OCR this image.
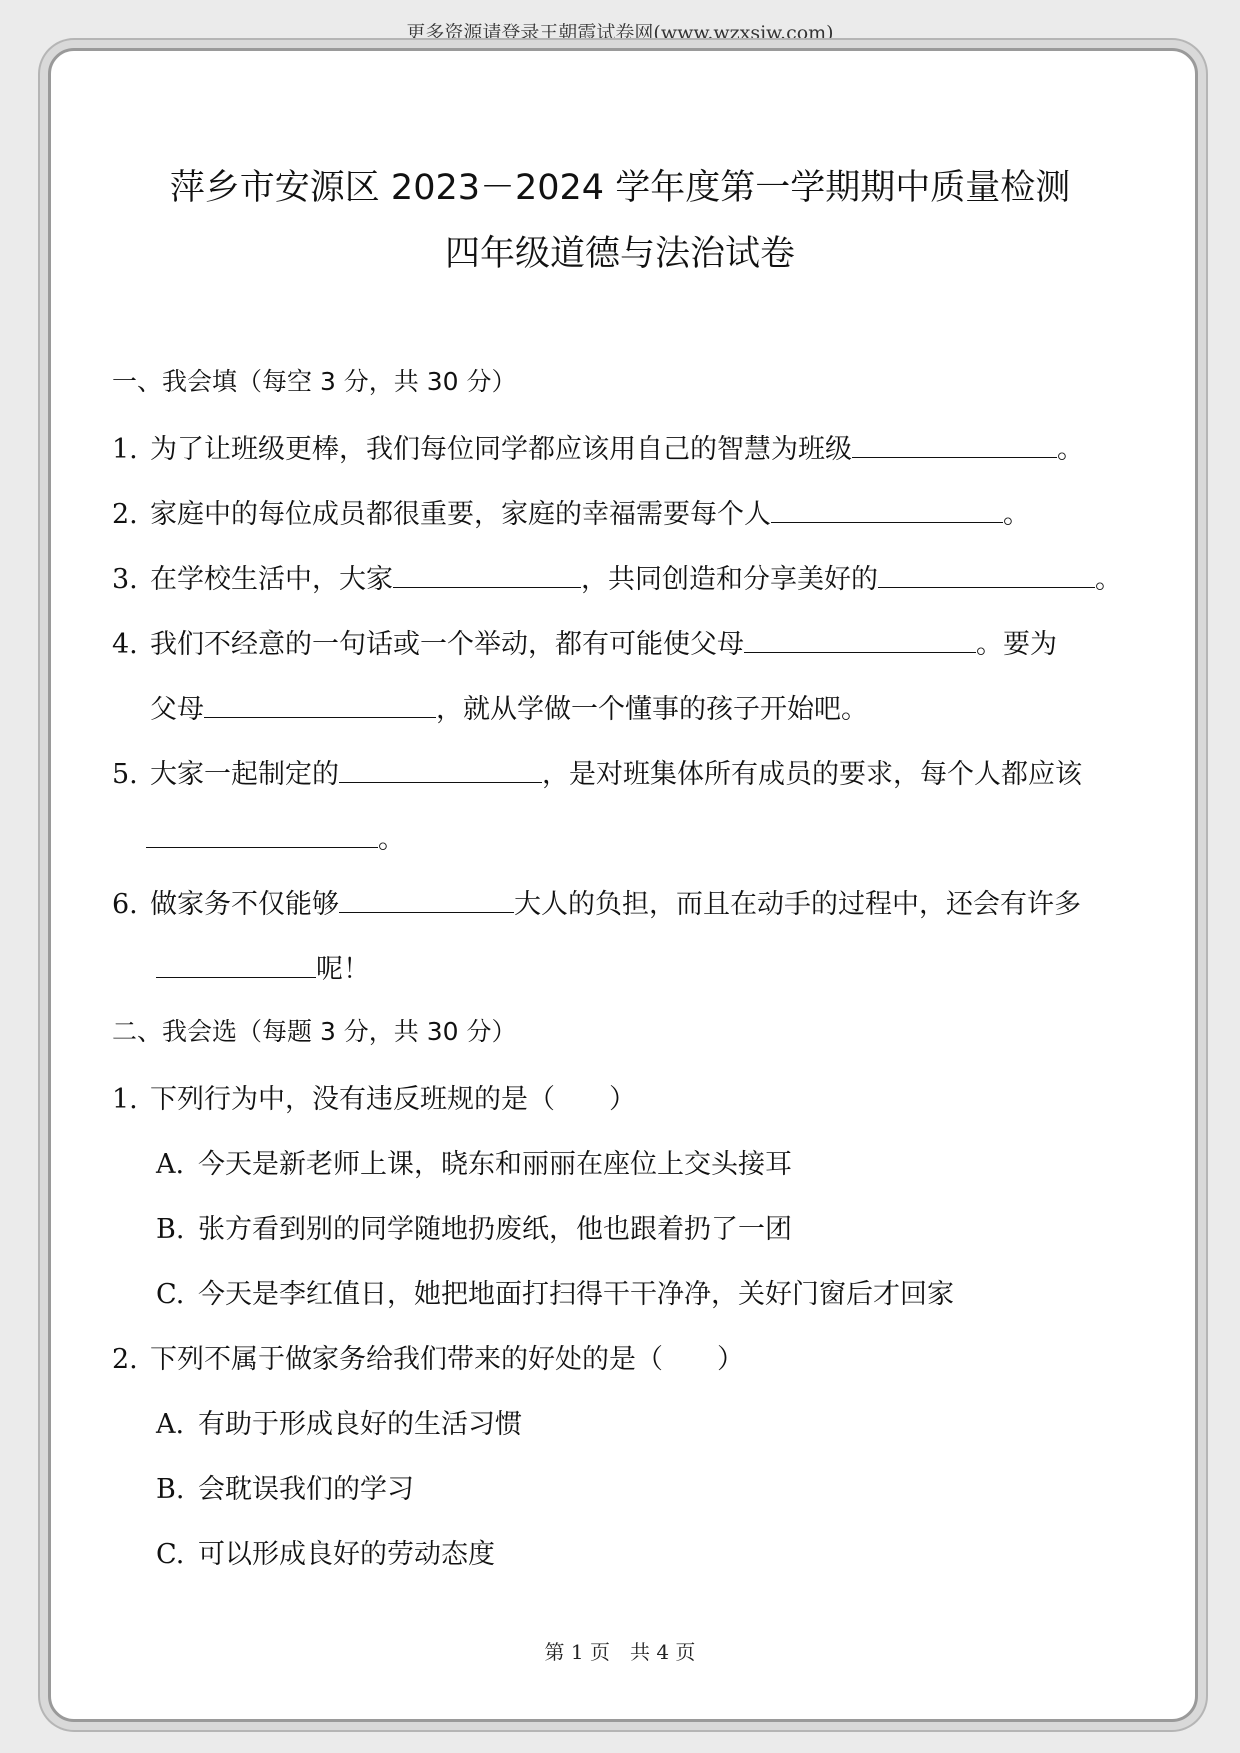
更多资源请登录王朝霞试卷网(www.wzxsjw.com)
萍乡市安源区 2023－2024 学年度第一学期期中质量检测
四年级道德与法治试卷
一、我会填（每空 3 分，共 30 分）
1. 为了让班级更棒，我们每位同学都应该用自己的智慧为班级	。
2. 家庭中的每位成员都很重要，家庭的幸福需要每个人	。
3. 在学校生活中，大家	，共同创造和分享美好的	。
4. 我们不经意的一句话或一个举动，都有可能使父母	。要为
父母	，就从学做一个懂事的孩子开始吧。
5. 大家一起制定的	，是对班集体所有成员的要求，每个人都应该
。
6. 做家务不仅能够	大人的负担，而且在动手的过程中，还会有许多
呢！
二、我会选（每题 3 分，共 30 分）
1. 下列行为中，没有违反班规的是（　　）
A. 今天是新老师上课，晓东和丽丽在座位上交头接耳
B. 张方看到别的同学随地扔废纸，他也跟着扔了一团
C. 今天是李红值日，她把地面打扫得干干净净，关好门窗后才回家
2. 下列不属于做家务给我们带来的好处的是（　　）
A. 有助于形成良好的生活习惯
B. 会耽误我们的学习
C. 可以形成良好的劳动态度
第 1 页　共 4 页
